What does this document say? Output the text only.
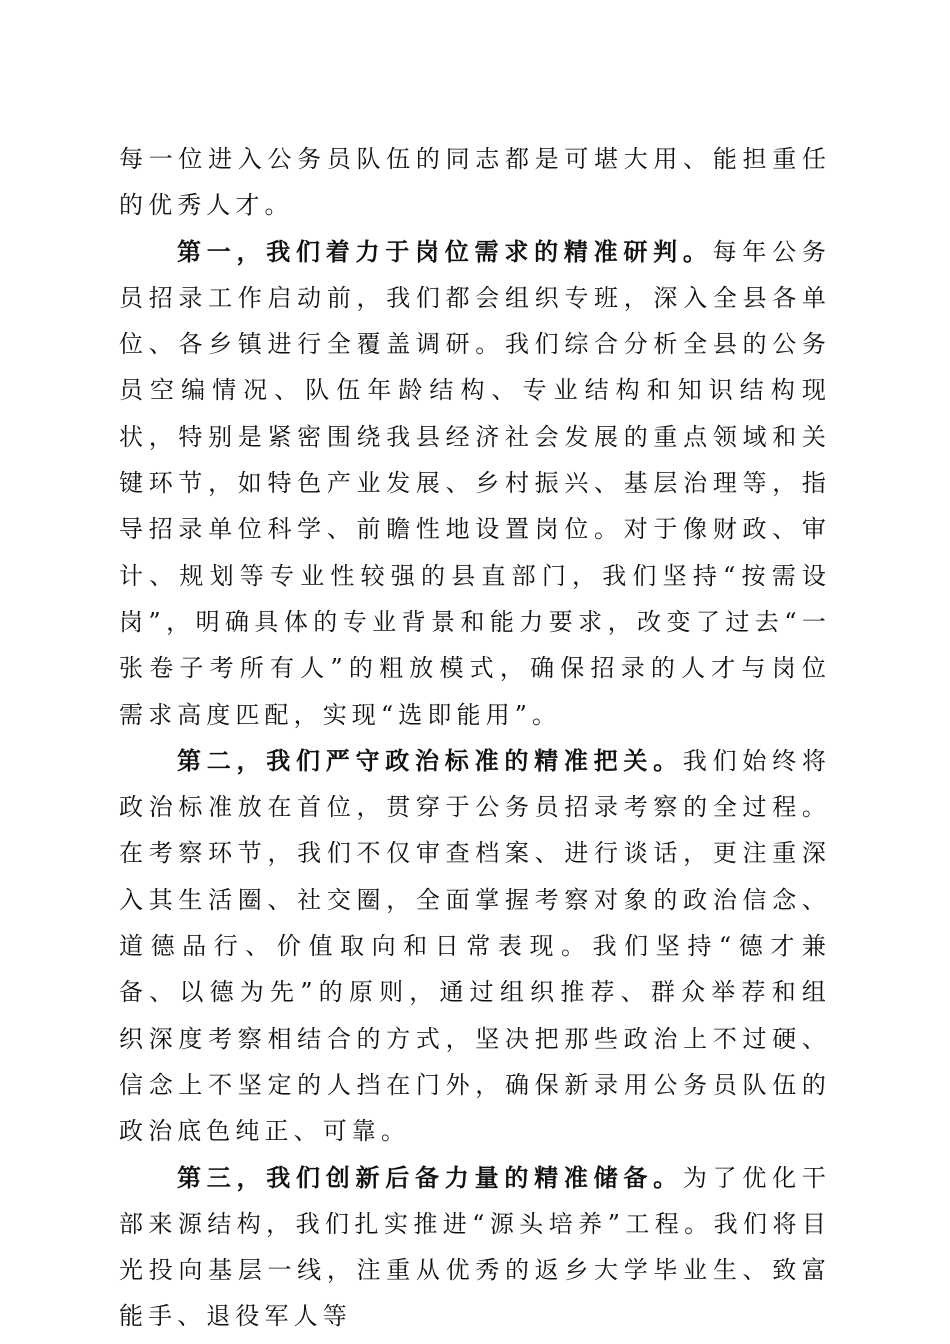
每一位进入公务员队伍的同志都是可堪大用、能担重任的优秀人才。

第一，我们着力于岗位需求的精准研判。每年公务员招录工作启动前，我们都会组织专班，深入全县各单位、各乡镇进行全覆盖调研。我们综合分析全县的公务员空编情况、队伍年龄结构、专业结构和知识结构现状，特别是紧密围绕我县经济社会发展的重点领域和关键环节，如特色产业发展、乡村振兴、基层治理等，指导招录单位科学、前瞻性地设置岗位。对于像财政、审计、规划等专业性较强的县直部门，我们坚持“按需设岗”，明确具体的专业背景和能力要求，改变了过去“一张卷子考所有人”的粗放模式，确保招录的人才与岗位需求高度匹配，实现“选即能用”。

第二，我们严守政治标准的精准把关。我们始终将政治标准放在首位，贯穿于公务员招录考察的全过程。在考察环节，我们不仅审查档案、进行谈话，更注重深入其生活圈、社交圈，全面掌握考察对象的政治信念、道德品行、价值取向和日常表现。我们坚持“德才兼备、以德为先”的原则，通过组织推荐、群众举荐和组织深度考察相结合的方式，坚决把那些政治上不过硬、信念上不坚定的人挡在门外，确保新录用公务员队伍的政治底色纯正、可靠。

第三，我们创新后备力量的精准储备。为了优化干部来源结构，我们扎实推进“源头培养”工程。我们将目光投向基层一线，注重从优秀的返乡大学毕业生、致富能手、退役军人等
